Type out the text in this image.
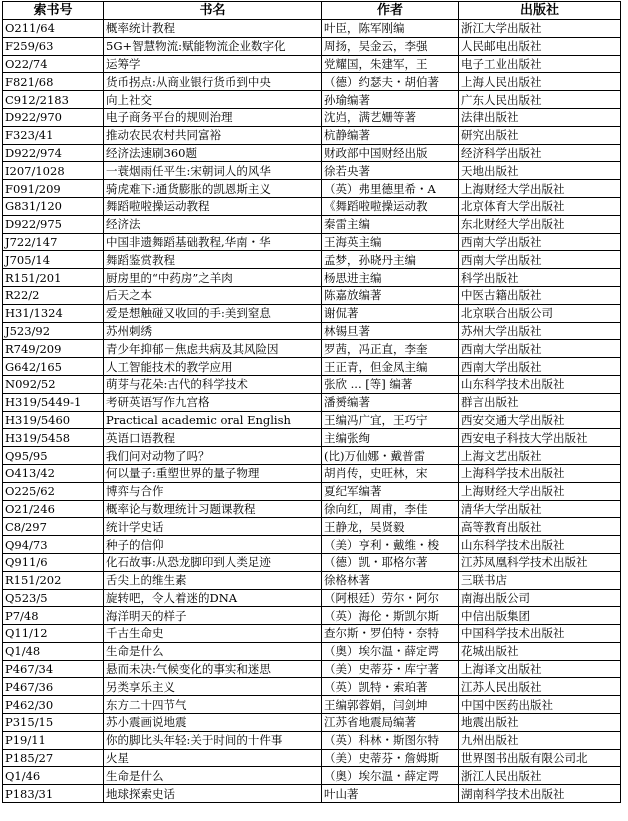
索书号	书名	作者	出版社
O211/64	概率统计教程	叶臣，陈军刚编	浙江大学出版社
F259/63	5G+智慧物流:赋能物流企业数字化	周扬，吴金云，李强	人民邮电出版社
O22/74	运筹学	党耀国，朱建军，王	电子工业出版社
F821/68	货币拐点:从商业银行货币到中央	（德）约瑟夫・胡伯著	上海人民出版社
C912/2183	向上社交	孙瑜编著	广东人民出版社
D922/970	电子商务平台的规则治理	沈岿，满艺姗等著	法律出版社
F323/41	推动农民农村共同富裕	杭静编著	研究出版社
D922/974	经济法速刷360题	财政部中国财经出版	经济科学出版社
I207/1028	一蓑烟雨任平生:宋朝词人的风华	徐若央著	天地出版社
F091/209	骑虎难下:通货膨胀的凯恩斯主义	（英）弗里德里希・A	上海财经大学出版社
G831/120	舞蹈啦啦操运动教程	《舞蹈啦啦操运动教	北京体育大学出版社
D922/975	经济法	秦雷主编	东北财经大学出版社
J722/147	中国非遗舞蹈基础教程,华南・华	王海英主编	西南大学出版社
J705/14	舞蹈鉴赏教程	孟梦，孙晓丹主编	西南大学出版社
R151/201	厨房里的“中药房”之羊肉	杨思进主编	科学出版社
R22/2	后天之本	陈嘉放编著	中医古籍出版社
H31/1324	爱是想触碰又收回的手:美到窒息	谢侃著	北京联合出版公司
J523/92	苏州刺绣	林锡旦著	苏州大学出版社
R749/209	青少年抑郁－焦虑共病及其风险因	罗茜，冯正直，李奎	西南大学出版社
G642/165	人工智能技术的教学应用	王正青，但金凤主编	西南大学出版社
N092/52	萌芽与花朵:古代的科学技术	张欣 ... [等] 编著	山东科学技术出版社
H319/5449-1	考研英语写作九宫格	潘赟编著	群言出版社
H319/5460	Practical academic oral English	王编冯广宜，王巧宁	西安交通大学出版社
H319/5458	英语口语教程	主编张绚	西安电子科技大学出版社
Q95/95	我们问对动物了吗？	(比)万仙娜・戴普雷	上海文艺出版社
O413/42	何以量子:重塑世界的量子物理	胡肖传，史旺林，宋	上海科学技术出版社
O225/62	博弈与合作	夏纪军编著	上海财经大学出版社
O21/246	概率论与数理统计习题课教程	徐向红，周甫，李佳	清华大学出版社
C8/297	统计学史话	王静龙，吴贤毅	高等教育出版社
Q94/73	种子的信仰	（美）亨利・戴维・梭	山东科学技术出版社
Q911/6	化石故事:从恐龙脚印到人类足迹	（德）凯・耶格尔著	江苏凤凰科学技术出版社
R151/202	舌尖上的维生素	徐格林著	三联书店
Q523/5	旋转吧，令人着迷的DNA	（阿根廷）劳尔・阿尔	南海出版公司
P7/48	海洋明天的样子	（英）海伦・斯凯尔斯	中信出版集团
Q11/12	千古生命史	查尔斯・罗伯特・奈特	中国科学技术出版社
Q1/48	生命是什么	（奥）埃尔温・薛定谔	花城出版社
P467/34	悬而未决:气候变化的事实和迷思	（美）史蒂芬・库宁著	上海译文出版社
P467/36	另类享乐主义	（英）凯特・索珀著	江苏人民出版社
P462/30	东方二十四节气	王编郭蓉娟，闫剑坤	中国中医药出版社
P315/15	苏小震画说地震	江苏省地震局编著	地震出版社
P19/11	你的脚比头年轻:关于时间的十件事	（英）科林・斯图尔特	九州出版社
P185/27	火星	（美）史蒂芬・詹姆斯	世界图书出版有限公司北
Q1/46	生命是什么	（奥）埃尔温・薛定谔	浙江人民出版社
P183/31	地球探索史话	叶山著	湖南科学技术出版社
